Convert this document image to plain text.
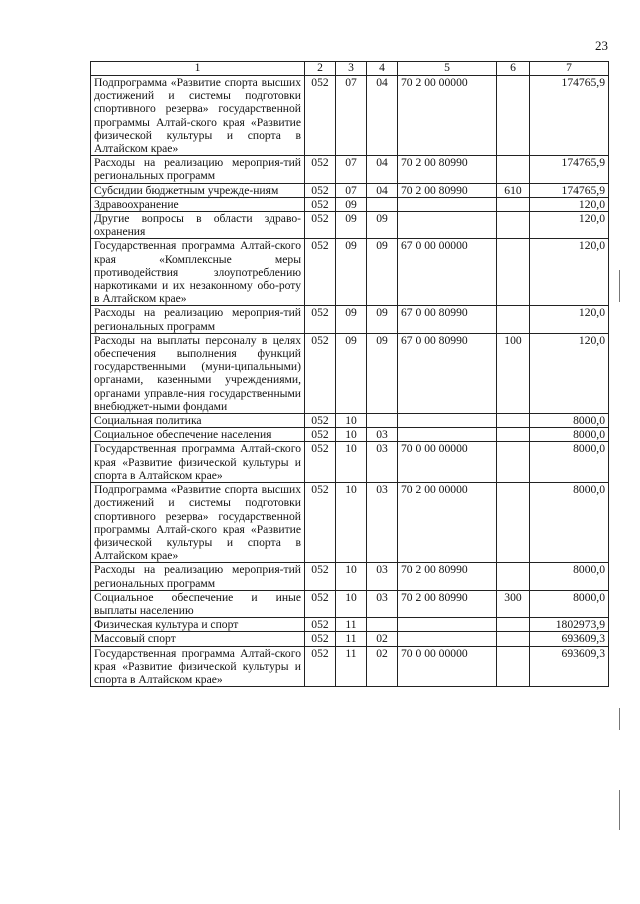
23
1	2	3	4	5	6	7
Подпрограмма «Развитие спорта высших достижений и системы подготовки спортивного резерва» государственной программы Алтай-ского края «Развитие физической культуры и спорта в Алтайском крае»	052	07	04	70 2 00 00000		174765,9
Расходы на реализацию мероприя-тий региональных программ	052	07	04	70 2 00 80990		174765,9
Субсидии бюджетным учрежде-ниям	052	07	04	70 2 00 80990	610	174765,9
Здравоохранение	052	09				120,0
Другие вопросы в области здраво-охранения	052	09	09			120,0
Государственная программа Алтай-ского края «Комплексные меры противодействия злоупотреблению наркотиками и их незаконному обо-роту в Алтайском крае»	052	09	09	67 0 00 00000		120,0
Расходы на реализацию мероприя-тий региональных программ	052	09	09	67 0 00 80990		120,0
Расходы на выплаты персоналу в целях обеспечения выполнения функций государственными (муни-ципальными) органами, казенными учреждениями, органами управле-ния государственными внебюджет-ными фондами	052	09	09	67 0 00 80990	100	120,0
Социальная политика	052	10				8000,0
Социальное обеспечение населения	052	10	03			8000,0
Государственная программа Алтай-ского края «Развитие физической культуры и спорта в Алтайском крае»	052	10	03	70 0 00 00000		8000,0
Подпрограмма «Развитие спорта высших достижений и системы подготовки спортивного резерва» государственной программы Алтай-ского края «Развитие физической культуры и спорта в Алтайском крае»	052	10	03	70 2 00 00000		8000,0
Расходы на реализацию мероприя-тий региональных программ	052	10	03	70 2 00 80990		8000,0
Социальное обеспечение и иные выплаты населению	052	10	03	70 2 00 80990	300	8000,0
Физическая культура и спорт	052	11				1802973,9
Массовый спорт	052	11	02			693609,3
Государственная программа Алтай-ского края «Развитие физической культуры и спорта в Алтайском крае»	052	11	02	70 0 00 00000		693609,3
